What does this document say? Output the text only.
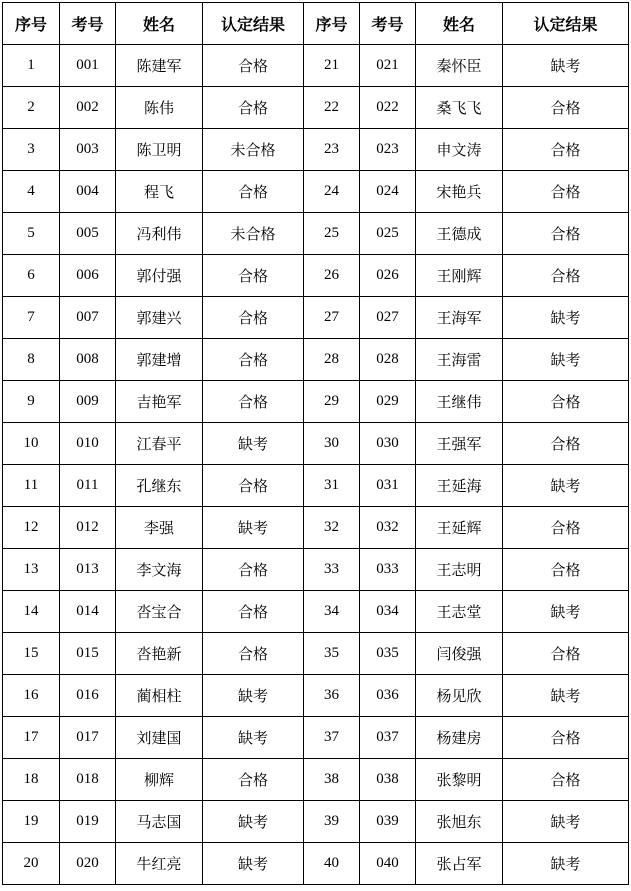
序号	考号	姓名	认定结果	序号	考号	姓名	认定结果
1	001	陈建军	合格	21	021	秦怀臣	缺考
2	002	陈伟	合格	22	022	桑飞飞	合格
3	003	陈卫明	未合格	23	023	申文涛	合格
4	004	程飞	合格	24	024	宋艳兵	合格
5	005	冯利伟	未合格	25	025	王德成	合格
6	006	郭付强	合格	26	026	王刚辉	合格
7	007	郭建兴	合格	27	027	王海军	缺考
8	008	郭建增	合格	28	028	王海雷	缺考
9	009	吉艳军	合格	29	029	王继伟	合格
10	010	江春平	缺考	30	030	王强军	合格
11	011	孔继东	合格	31	031	王延海	缺考
12	012	李强	缺考	32	032	王延辉	合格
13	013	李文海	合格	33	033	王志明	合格
14	014	呇宝合	合格	34	034	王志堂	缺考
15	015	呇艳新	合格	35	035	闫俊强	合格
16	016	蔺相柱	缺考	36	036	杨见欣	缺考
17	017	刘建国	缺考	37	037	杨建房	合格
18	018	柳辉	合格	38	038	张黎明	合格
19	019	马志国	缺考	39	039	张旭东	缺考
20	020	牛红亮	缺考	40	040	张占军	缺考
